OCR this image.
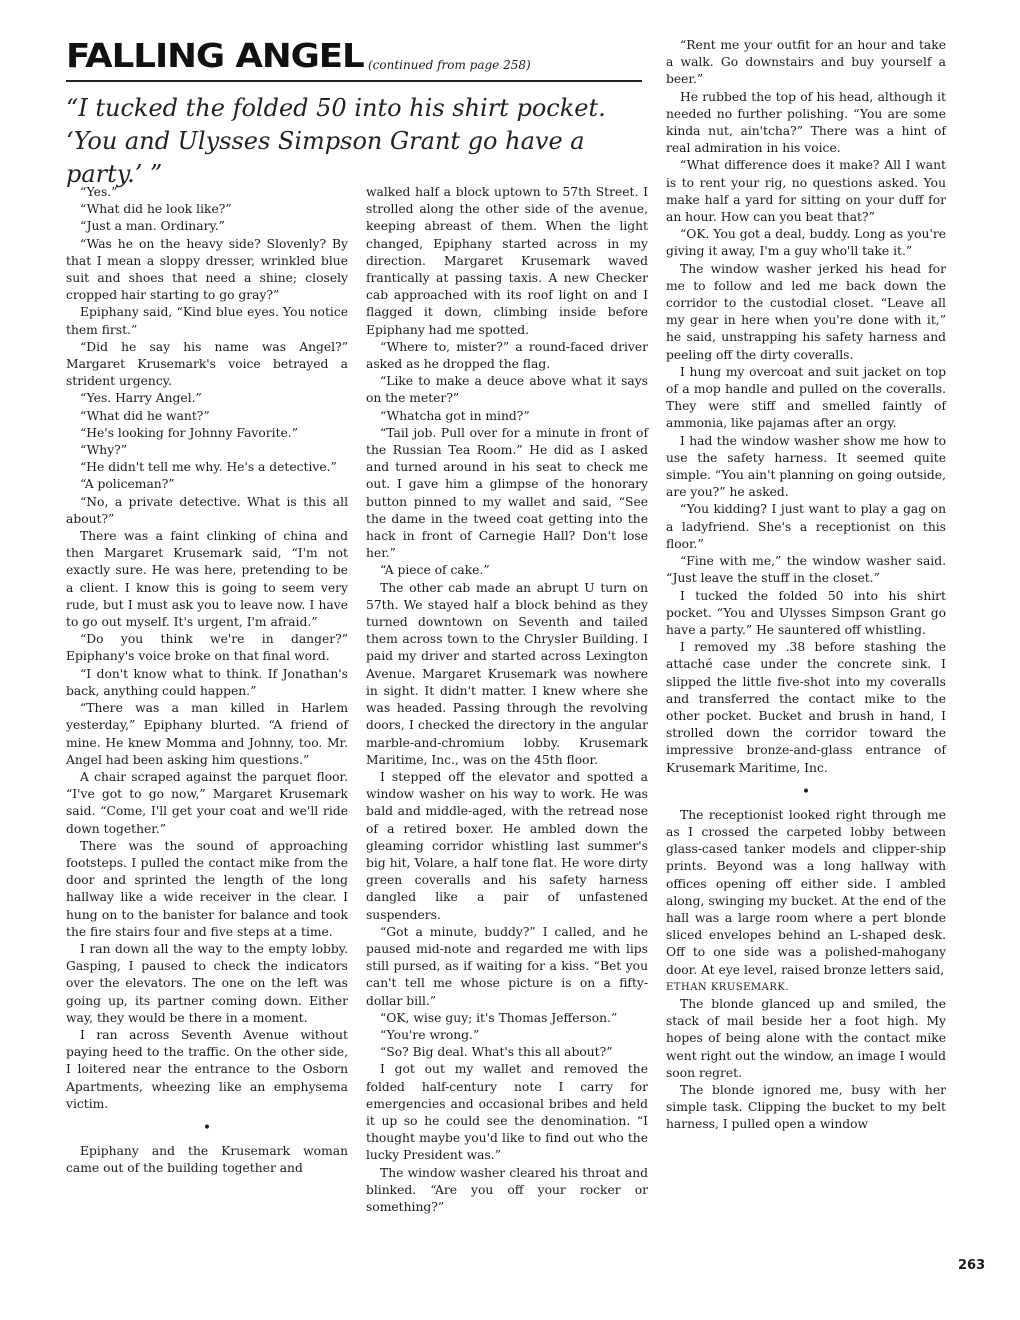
FALLING ANGEL (continued from page 258)
“I tucked the folded 50 into his shirt pocket. ‘You and Ulysses Simpson Grant go have a party.’ ”

“Yes.”

“What did he look like?”

“Just a man. Ordinary.”

“Was he on the heavy side? Slovenly? By that I mean a sloppy dresser, wrinkled blue suit and shoes that need a shine; closely cropped hair starting to go gray?”

Epiphany said, “Kind blue eyes. You notice them first.”

“Did he say his name was Angel?” Margaret Krusemark's voice betrayed a strident urgency.

“Yes. Harry Angel.”

“What did he want?”

“He's looking for Johnny Favorite.”

“Why?”

“He didn't tell me why. He's a detective.”

“A policeman?”

“No, a private detective. What is this all about?”

There was a faint clinking of china and then Margaret Krusemark said, “I'm not exactly sure. He was here, pretending to be a client. I know this is going to seem very rude, but I must ask you to leave now. I have to go out myself. It's urgent, I'm afraid.”

“Do you think we're in danger?” Epiphany's voice broke on that final word.

“I don't know what to think. If Jonathan's back, anything could happen.”

“There was a man killed in Harlem yesterday,” Epiphany blurted. “A friend of mine. He knew Momma and Johnny, too. Mr. Angel had been asking him questions.”

A chair scraped against the parquet floor. “I've got to go now,” Margaret Krusemark said. “Come, I'll get your coat and we'll ride down together.”

There was the sound of approaching footsteps. I pulled the contact mike from the door and sprinted the length of the long hallway like a wide receiver in the clear. I hung on to the banister for balance and took the fire stairs four and five steps at a time.

I ran down all the way to the empty lobby. Gasping, I paused to check the indicators over the elevators. The one on the left was going up, its partner coming down. Either way, they would be there in a moment.

I ran across Seventh Avenue without paying heed to the traffic. On the other side, I loitered near the entrance to the Osborn Apartments, wheezing like an emphysema victim.

•

Epiphany and the Krusemark woman came out of the building together and

walked half a block uptown to 57th Street. I strolled along the other side of the avenue, keeping abreast of them. When the light changed, Epiphany started across in my direction. Margaret Krusemark waved frantically at passing taxis. A new Checker cab approached with its roof light on and I flagged it down, climbing inside before Epiphany had me spotted.

“Where to, mister?” a round-faced driver asked as he dropped the flag.

“Like to make a deuce above what it says on the meter?”

“Whatcha got in mind?”

“Tail job. Pull over for a minute in front of the Russian Tea Room.” He did as I asked and turned around in his seat to check me out. I gave him a glimpse of the honorary button pinned to my wallet and said, “See the dame in the tweed coat getting into the hack in front of Carnegie Hall? Don't lose her.”

“A piece of cake.”

The other cab made an abrupt U turn on 57th. We stayed half a block behind as they turned downtown on Seventh and tailed them across town to the Chrysler Building. I paid my driver and started across Lexington Avenue. Margaret Krusemark was nowhere in sight. It didn't matter. I knew where she was headed. Passing through the revolving doors, I checked the directory in the angular marble-and-chromium lobby. Krusemark Maritime, Inc., was on the 45th floor.

I stepped off the elevator and spotted a window washer on his way to work. He was bald and middle-aged, with the retread nose of a retired boxer. He ambled down the gleaming corridor whistling last summer's big hit, Volare, a half tone flat. He wore dirty green coveralls and his safety harness dangled like a pair of unfastened suspenders.

“Got a minute, buddy?” I called, and he paused mid-note and regarded me with lips still pursed, as if waiting for a kiss. “Bet you can't tell me whose picture is on a fifty-dollar bill.”

“OK, wise guy; it's Thomas Jefferson.”

“You're wrong.”

“So? Big deal. What's this all about?”

I got out my wallet and removed the folded half-century note I carry for emergencies and occasional bribes and held it up so he could see the denomination. “I thought maybe you'd like to find out who the lucky President was.”

The window washer cleared his throat and blinked. “Are you off your rocker or something?”

“Rent me your outfit for an hour and take a walk. Go downstairs and buy yourself a beer.”

He rubbed the top of his head, although it needed no further polishing. “You are some kinda nut, ain'tcha?” There was a hint of real admiration in his voice.

“What difference does it make? All I want is to rent your rig, no questions asked. You make half a yard for sitting on your duff for an hour. How can you beat that?”

“OK. You got a deal, buddy. Long as you're giving it away, I'm a guy who'll take it.”

The window washer jerked his head for me to follow and led me back down the corridor to the custodial closet. “Leave all my gear in here when you're done with it,” he said, unstrapping his safety harness and peeling off the dirty coveralls.

I hung my overcoat and suit jacket on top of a mop handle and pulled on the coveralls. They were stiff and smelled faintly of ammonia, like pajamas after an orgy.

I had the window washer show me how to use the safety harness. It seemed quite simple. “You ain't planning on going outside, are you?” he asked.

“You kidding? I just want to play a gag on a ladyfriend. She's a receptionist on this floor.”

“Fine with me,” the window washer said. “Just leave the stuff in the closet.”

I tucked the folded 50 into his shirt pocket. “You and Ulysses Simpson Grant go have a party.” He sauntered off whistling.

I removed my .38 before stashing the attaché case under the concrete sink. I slipped the little five-shot into my coveralls and transferred the contact mike to the other pocket. Bucket and brush in hand, I strolled down the corridor toward the impressive bronze-and-glass entrance of Krusemark Maritime, Inc.

•

The receptionist looked right through me as I crossed the carpeted lobby between glass-cased tanker models and clipper-ship prints. Beyond was a long hallway with offices opening off either side. I ambled along, swinging my bucket. At the end of the hall was a large room where a pert blonde sliced envelopes behind an L-shaped desk. Off to one side was a polished-mahogany door. At eye level, raised bronze letters said,

ETHAN KRUSEMARK.

The blonde glanced up and smiled, the stack of mail beside her a foot high. My hopes of being alone with the contact mike went right out the window, an image I would soon regret.

The blonde ignored me, busy with her simple task. Clipping the bucket to my belt harness, I pulled open a window

263
